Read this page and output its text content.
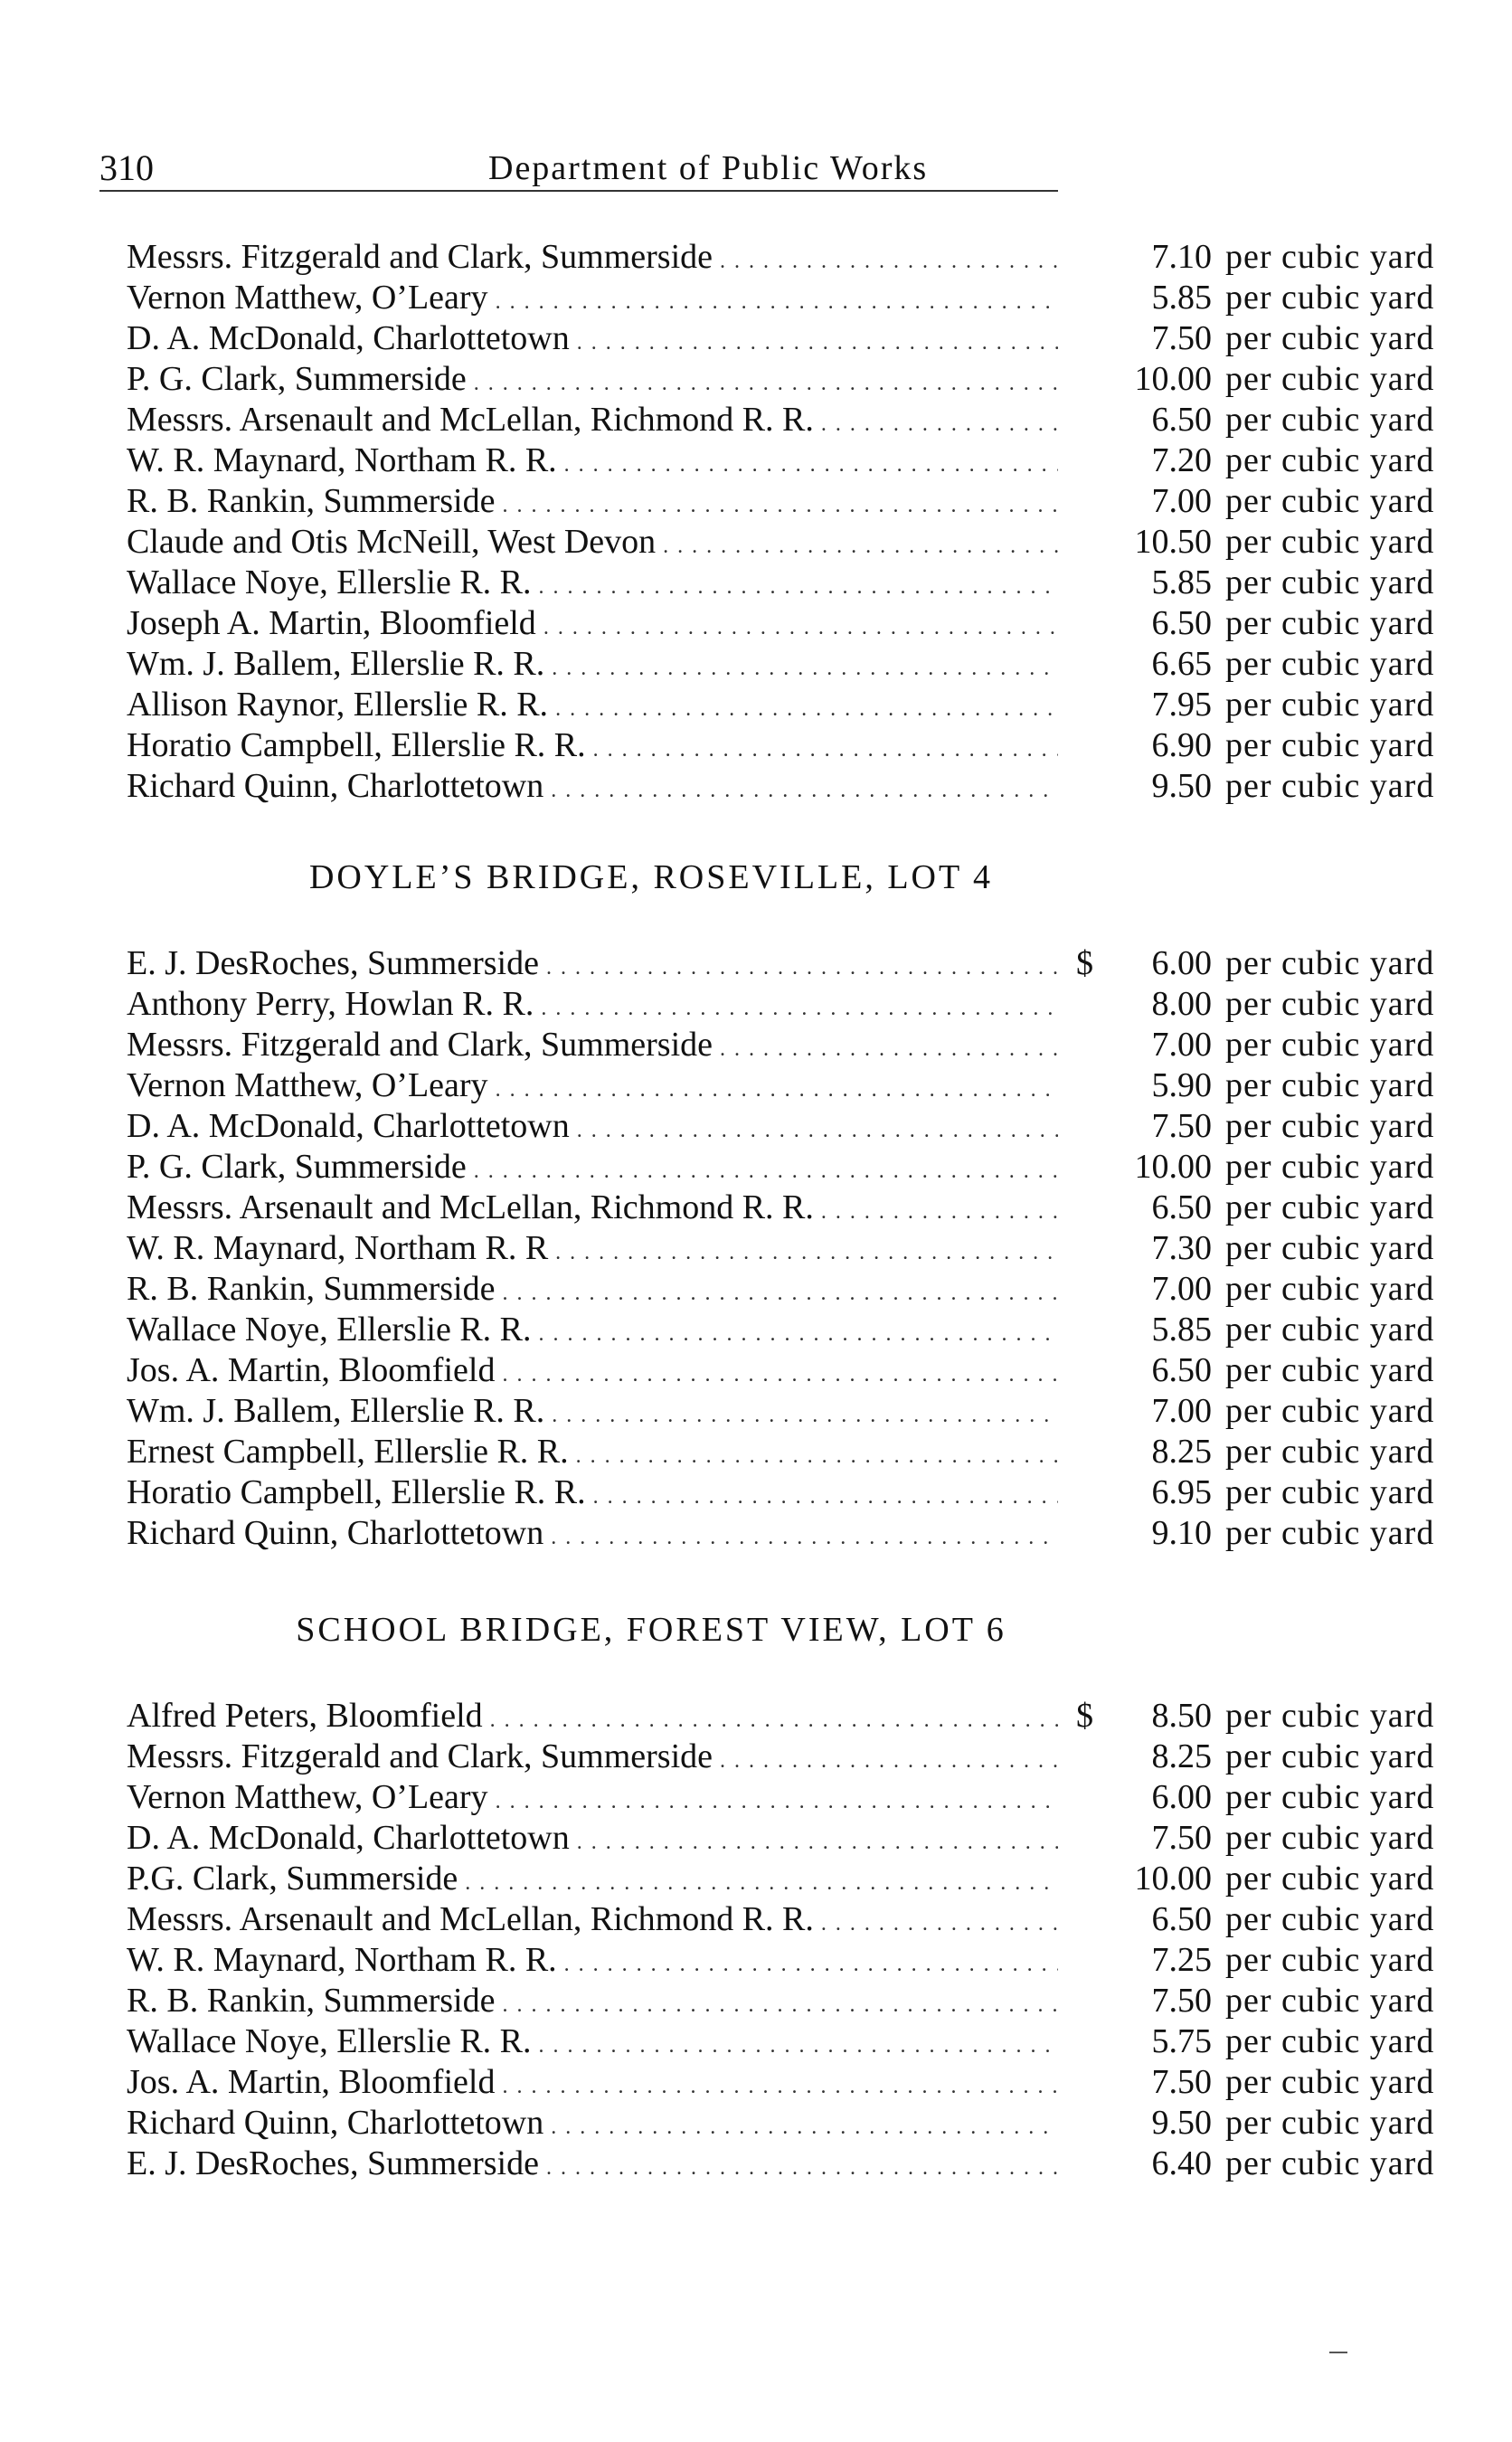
310	Department of Public Works
Messrs. Fitzgerald and Clark, Summerside . . .	7.10 per cubic yard
Vernon Matthew, O’Leary . . .	5.85 per cubic yard
D. A. McDonald, Charlottetown . . .	7.50 per cubic yard
P. G. Clark, Summerside . . .	10.00 per cubic yard
Messrs. Arsenault and McLellan, Richmond R. R. . . .	6.50 per cubic yard
W. R. Maynard, Northam R. R. . . .	7.20 per cubic yard
R. B. Rankin, Summerside . . .	7.00 per cubic yard
Claude and Otis McNeill, West Devon . . .	10.50 per cubic yard
Wallace Noye, Ellerslie R. R. . . .	5.85 per cubic yard
Joseph A. Martin, Bloomfield . . .	6.50 per cubic yard
Wm. J. Ballem, Ellerslie R. R. . . .	6.65 per cubic yard
Allison Raynor, Ellerslie R. R. . . .	7.95 per cubic yard
Horatio Campbell, Ellerslie R. R. . . .	6.90 per cubic yard
Richard Quinn, Charlottetown . . .	9.50 per cubic yard
DOYLE’S BRIDGE, ROSEVILLE, LOT 4
E. J. DesRoches, Summerside . . .	$	6.00 per cubic yard
Anthony Perry, Howlan R. R. . . .	8.00 per cubic yard
Messrs. Fitzgerald and Clark, Summerside . . .	7.00 per cubic yard
Vernon Matthew, O’Leary . . .	5.90 per cubic yard
D. A. McDonald, Charlottetown . . .	7.50 per cubic yard
P. G. Clark, Summerside . . .	10.00 per cubic yard
Messrs. Arsenault and McLellan, Richmond R. R. . . .	6.50 per cubic yard
W. R. Maynard, Northam R. R . . .	7.30 per cubic yard
R. B. Rankin, Summerside . . .	7.00 per cubic yard
Wallace Noye, Ellerslie R. R. . . .	5.85 per cubic yard
Jos. A. Martin, Bloomfield . . .	6.50 per cubic yard
Wm. J. Ballem, Ellerslie R. R. . . .	7.00 per cubic yard
Ernest Campbell, Ellerslie R. R. . . .	8.25 per cubic yard
Horatio Campbell, Ellerslie R. R. . . .	6.95 per cubic yard
Richard Quinn, Charlottetown . . .	9.10 per cubic yard
SCHOOL BRIDGE, FOREST VIEW, LOT 6
Alfred Peters, Bloomfield . . .	$	8.50 per cubic yard
Messrs. Fitzgerald and Clark, Summerside . . .	8.25 per cubic yard
Vernon Matthew, O’Leary . . .	6.00 per cubic yard
D. A. McDonald, Charlottetown . . .	7.50 per cubic yard
P.G. Clark, Summerside . . .	10.00 per cubic yard
Messrs. Arsenault and McLellan, Richmond R. R. . . .	6.50 per cubic yard
W. R. Maynard, Northam R. R. . . .	7.25 per cubic yard
R. B. Rankin, Summerside . . .	7.50 per cubic yard
Wallace Noye, Ellerslie R. R. . . .	5.75 per cubic yard
Jos. A. Martin, Bloomfield . . .	7.50 per cubic yard
Richard Quinn, Charlottetown . . .	9.50 per cubic yard
E. J. DesRoches, Summerside . . .	6.40 per cubic yard
